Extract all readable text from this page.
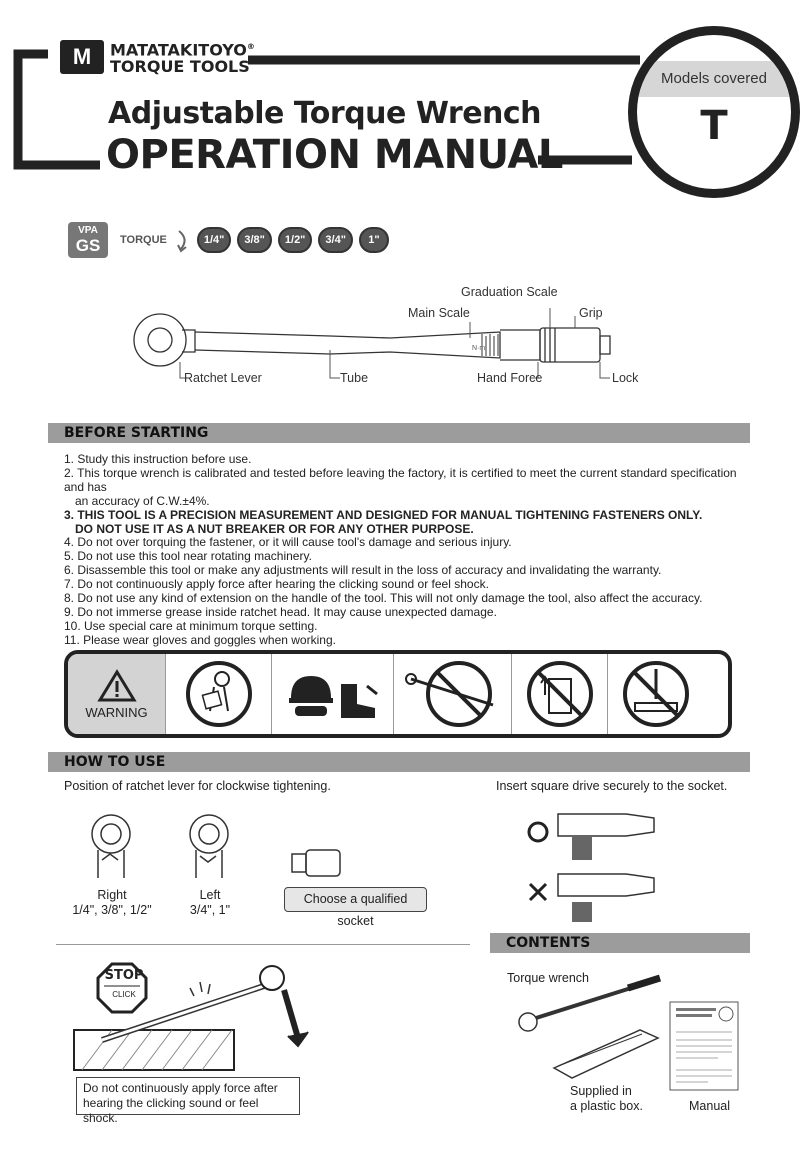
M	MATATAKITOYO®
TORQUE TOOLS
Adjustable Torque Wrench
OPERATION MANUAL
Models covered
T
VPA
GS	TORQUE	1/4"	3/8"	1/2"	3/4"	1"
N·m
Graduation Scale
Main Scale	Grip
Ratchet Lever	Tube	Hand Force	Lock
BEFORE STARTING
1. Study this instruction before use.
2. This torque wrench is calibrated and tested before leaving the factory, it is certified to meet the current standard specification and has
an accuracy of C.W.±4%.
3. THIS TOOL IS A PRECISION MEASUREMENT AND DESIGNED FOR MANUAL TIGHTENING FASTENERS ONLY.
DO NOT USE IT AS A NUT BREAKER OR FOR ANY OTHER PURPOSE.
4. Do not over torquing the fastener, or it will cause tool's damage and serious injury.
5. Do not use this tool near rotating machinery.
6. Disassemble this tool or make any adjustments will result in the loss of accuracy and invalidating the warranty.
7. Do not continuously apply force after hearing the clicking sound or feel shock.
8. Do not use any kind of extension on the handle of the tool. This will not only damage the tool, also affect the accuracy.
9. Do not immerse grease inside ratchet head. It may cause unexpected damage.
10. Use special care at minimum torque setting.
11. Please wear gloves and goggles when working.
WARNING
HOW TO USE
Position of ratchet lever for clockwise tightening.	Insert square drive securely to the socket.
Right
1/4", 3/8", 1/2"
Left
3/4", 1"
Choose a qualified socket
CONTENTS
STOP
CLICK
Do not continuously apply force after hearing the clicking sound or feel shock.
Torque wrench
Supplied in
a plastic box.	Manual
